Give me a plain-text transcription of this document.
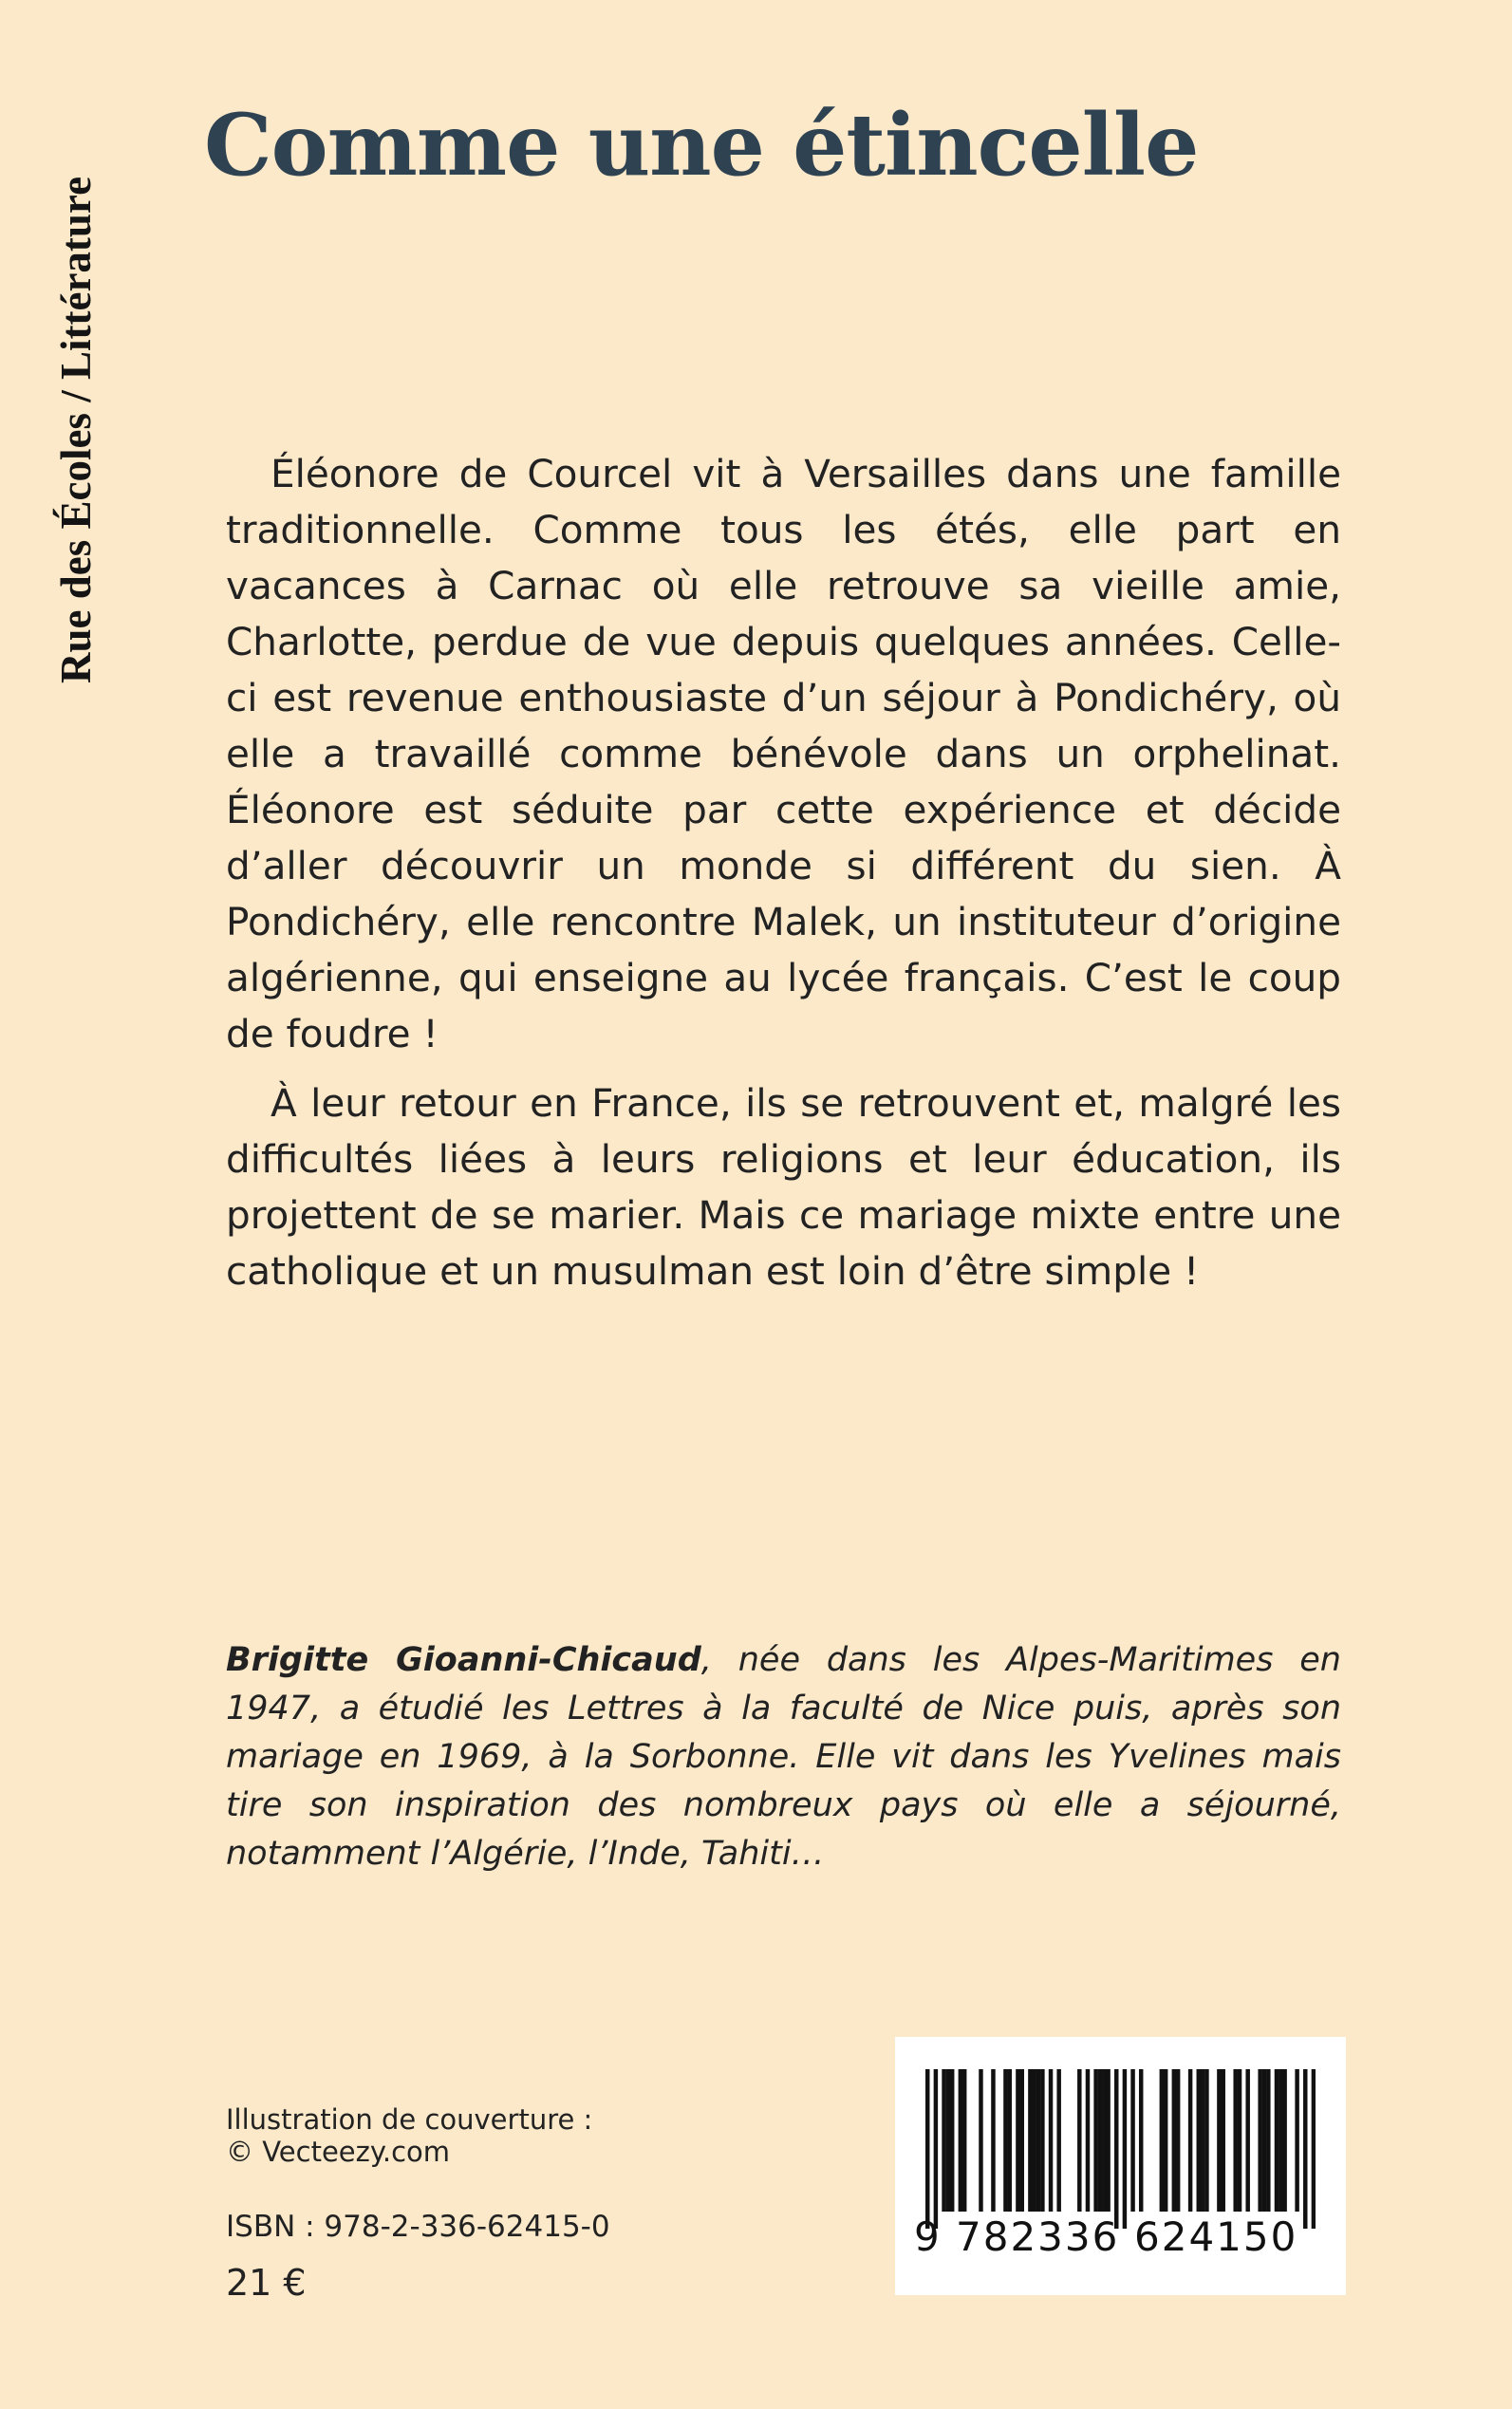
Rue des Écoles / Littérature
Comme une étincelle

Éléonore de Courcel vit à Versailles dans une famille traditionnelle. Comme tous les étés, elle part en vacances à Carnac où elle retrouve sa vieille amie, Charlotte, perdue de vue depuis quelques années. Celle-ci est revenue enthousiaste d’un séjour à Pondichéry, où elle a travaillé comme bénévole dans un orphelinat. Éléonore est séduite par cette expérience et décide d’aller découvrir un monde si différent du sien. À Pondichéry, elle rencontre Malek, un instituteur d’origine algérienne, qui enseigne au lycée français. C’est le coup de foudre !

À leur retour en France, ils se retrouvent et, malgré les difficultés liées à leurs religions et leur éducation, ils projettent de se marier. Mais ce mariage mixte entre une catholique et un musulman est loin d’être simple !

Brigitte Gioanni-Chicaud, née dans les Alpes-Maritimes en 1947, a étudié les Lettres à la faculté de Nice puis, après son mariage en 1969, à la Sorbonne. Elle vit dans les Yvelines mais tire son inspiration des nombreux pays où elle a séjourné, notamment l’Algérie, l’Inde, Tahiti…

Illustration de couverture :
© Vecteezy.com
ISBN : 978-2-336-62415-0
21 €
9 782336 624150
